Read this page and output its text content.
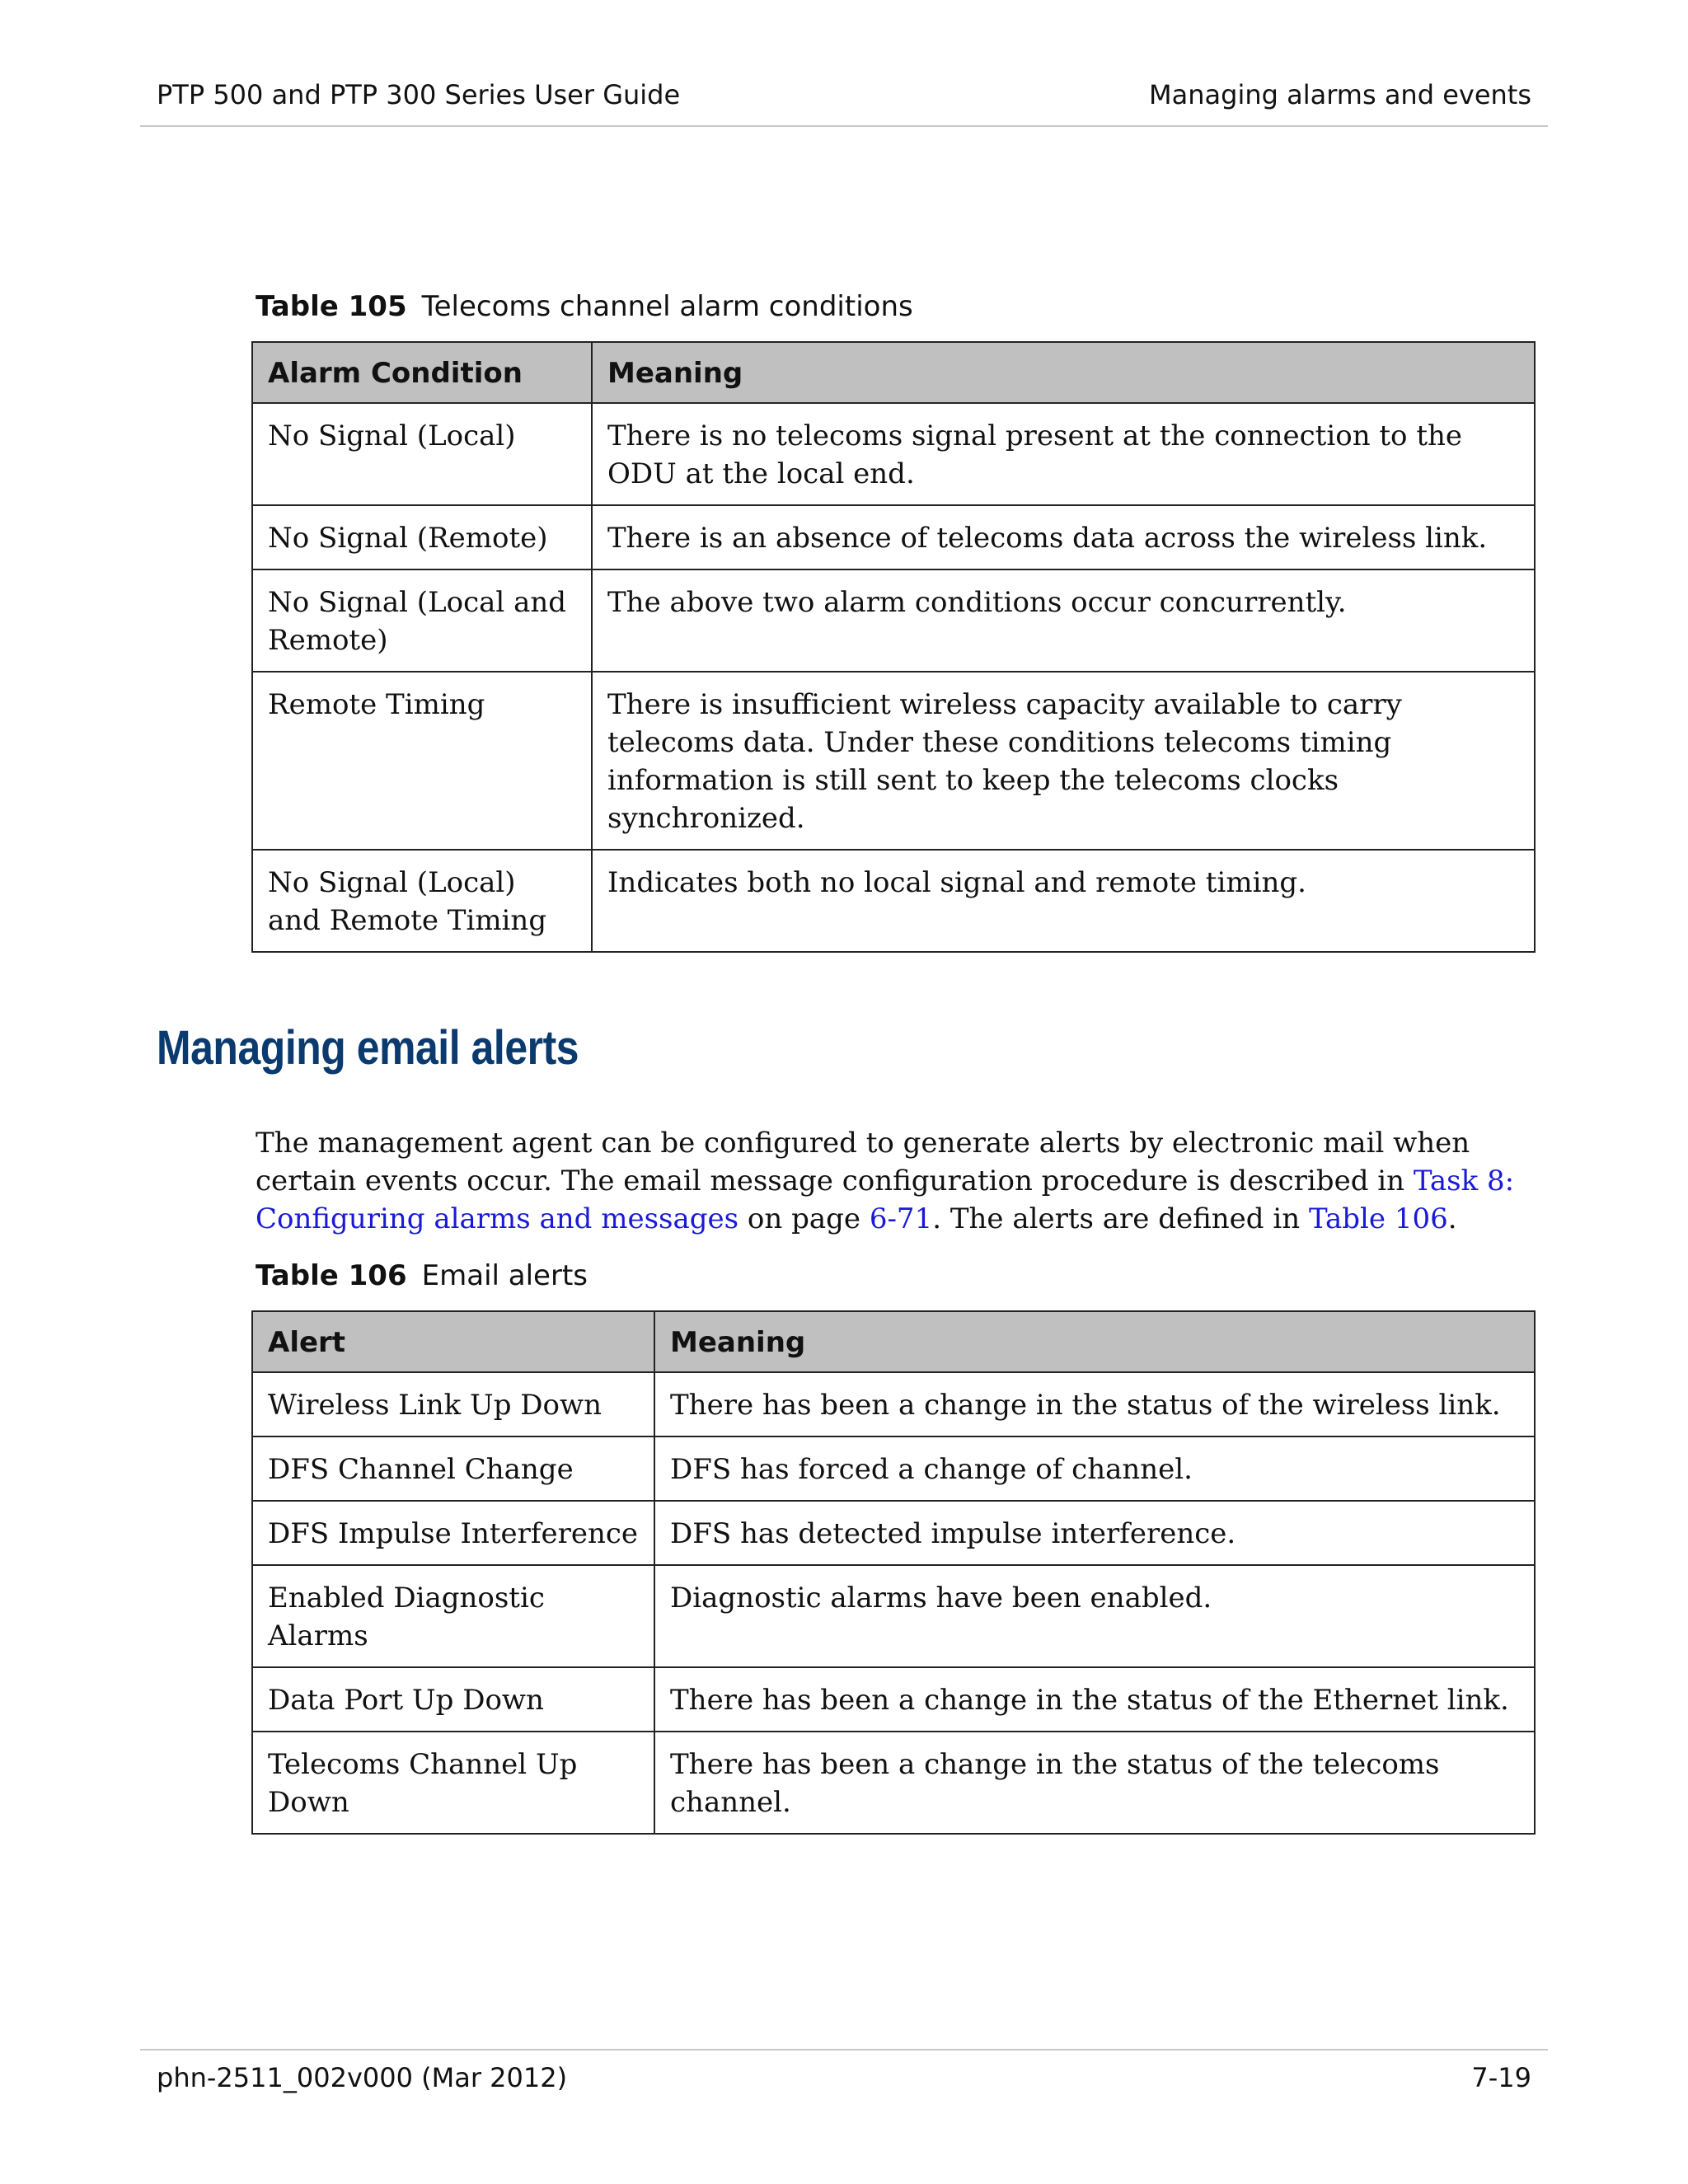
PTP 500 and PTP 300 Series User Guide	Managing alarms and events
Table 105 Telecoms channel alarm conditions
Alarm Condition	Meaning
No Signal (Local)	There is no telecoms signal present at the connection to the ODU at the local end.
No Signal (Remote)	There is an absence of telecoms data across the wireless link.
No Signal (Local and Remote)	The above two alarm conditions occur concurrently.
Remote Timing	There is insufficient wireless capacity available to carry telecoms data. Under these conditions telecoms timing information is still sent to keep the telecoms clocks synchronized.
No Signal (Local) and Remote Timing	Indicates both no local signal and remote timing.
Managing email alerts
The management agent can be configured to generate alerts by electronic mail when certain events occur. The email message configuration procedure is described in Task 8: Configuring alarms and messages on page 6-71. The alerts are defined in Table 106.
Table 106 Email alerts
Alert	Meaning
Wireless Link Up Down	There has been a change in the status of the wireless link.
DFS Channel Change	DFS has forced a change of channel.
DFS Impulse Interference	DFS has detected impulse interference.
Enabled Diagnostic Alarms	Diagnostic alarms have been enabled.
Data Port Up Down	There has been a change in the status of the Ethernet link.
Telecoms Channel Up Down	There has been a change in the status of the telecoms channel.
phn-2511_002v000 (Mar 2012)	7-19
